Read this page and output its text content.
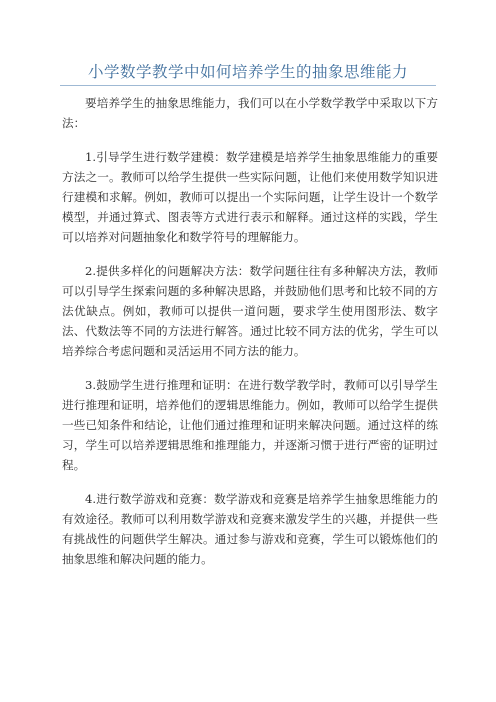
小学数学教学中如何培养学生的抽象思维能力

要培养学生的抽象思维能力，我们可以在小学数学教学中采取以下方法：

1.引导学生进行数学建模：数学建模是培养学生抽象思维能力的重要方法之一。教师可以给学生提供一些实际问题，让他们来使用数学知识进行建模和求解。例如，教师可以提出一个实际问题，让学生设计一个数学模型，并通过算式、图表等方式进行表示和解释。通过这样的实践，学生可以培养对问题抽象化和数学符号的理解能力。

2.提供多样化的问题解决方法：数学问题往往有多种解决方法，教师可以引导学生探索问题的多种解决思路，并鼓励他们思考和比较不同的方法优缺点。例如，教师可以提供一道问题，要求学生使用图形法、数字法、代数法等不同的方法进行解答。通过比较不同方法的优劣，学生可以培养综合考虑问题和灵活运用不同方法的能力。

3.鼓励学生进行推理和证明：在进行数学教学时，教师可以引导学生进行推理和证明，培养他们的逻辑思维能力。例如，教师可以给学生提供一些已知条件和结论，让他们通过推理和证明来解决问题。通过这样的练习，学生可以培养逻辑思维和推理能力，并逐渐习惯于进行严密的证明过程。

4.进行数学游戏和竞赛：数学游戏和竞赛是培养学生抽象思维能力的有效途径。教师可以利用数学游戏和竞赛来激发学生的兴趣，并提供一些有挑战性的问题供学生解决。通过参与游戏和竞赛，学生可以锻炼他们的抽象思维和解决问题的能力。
